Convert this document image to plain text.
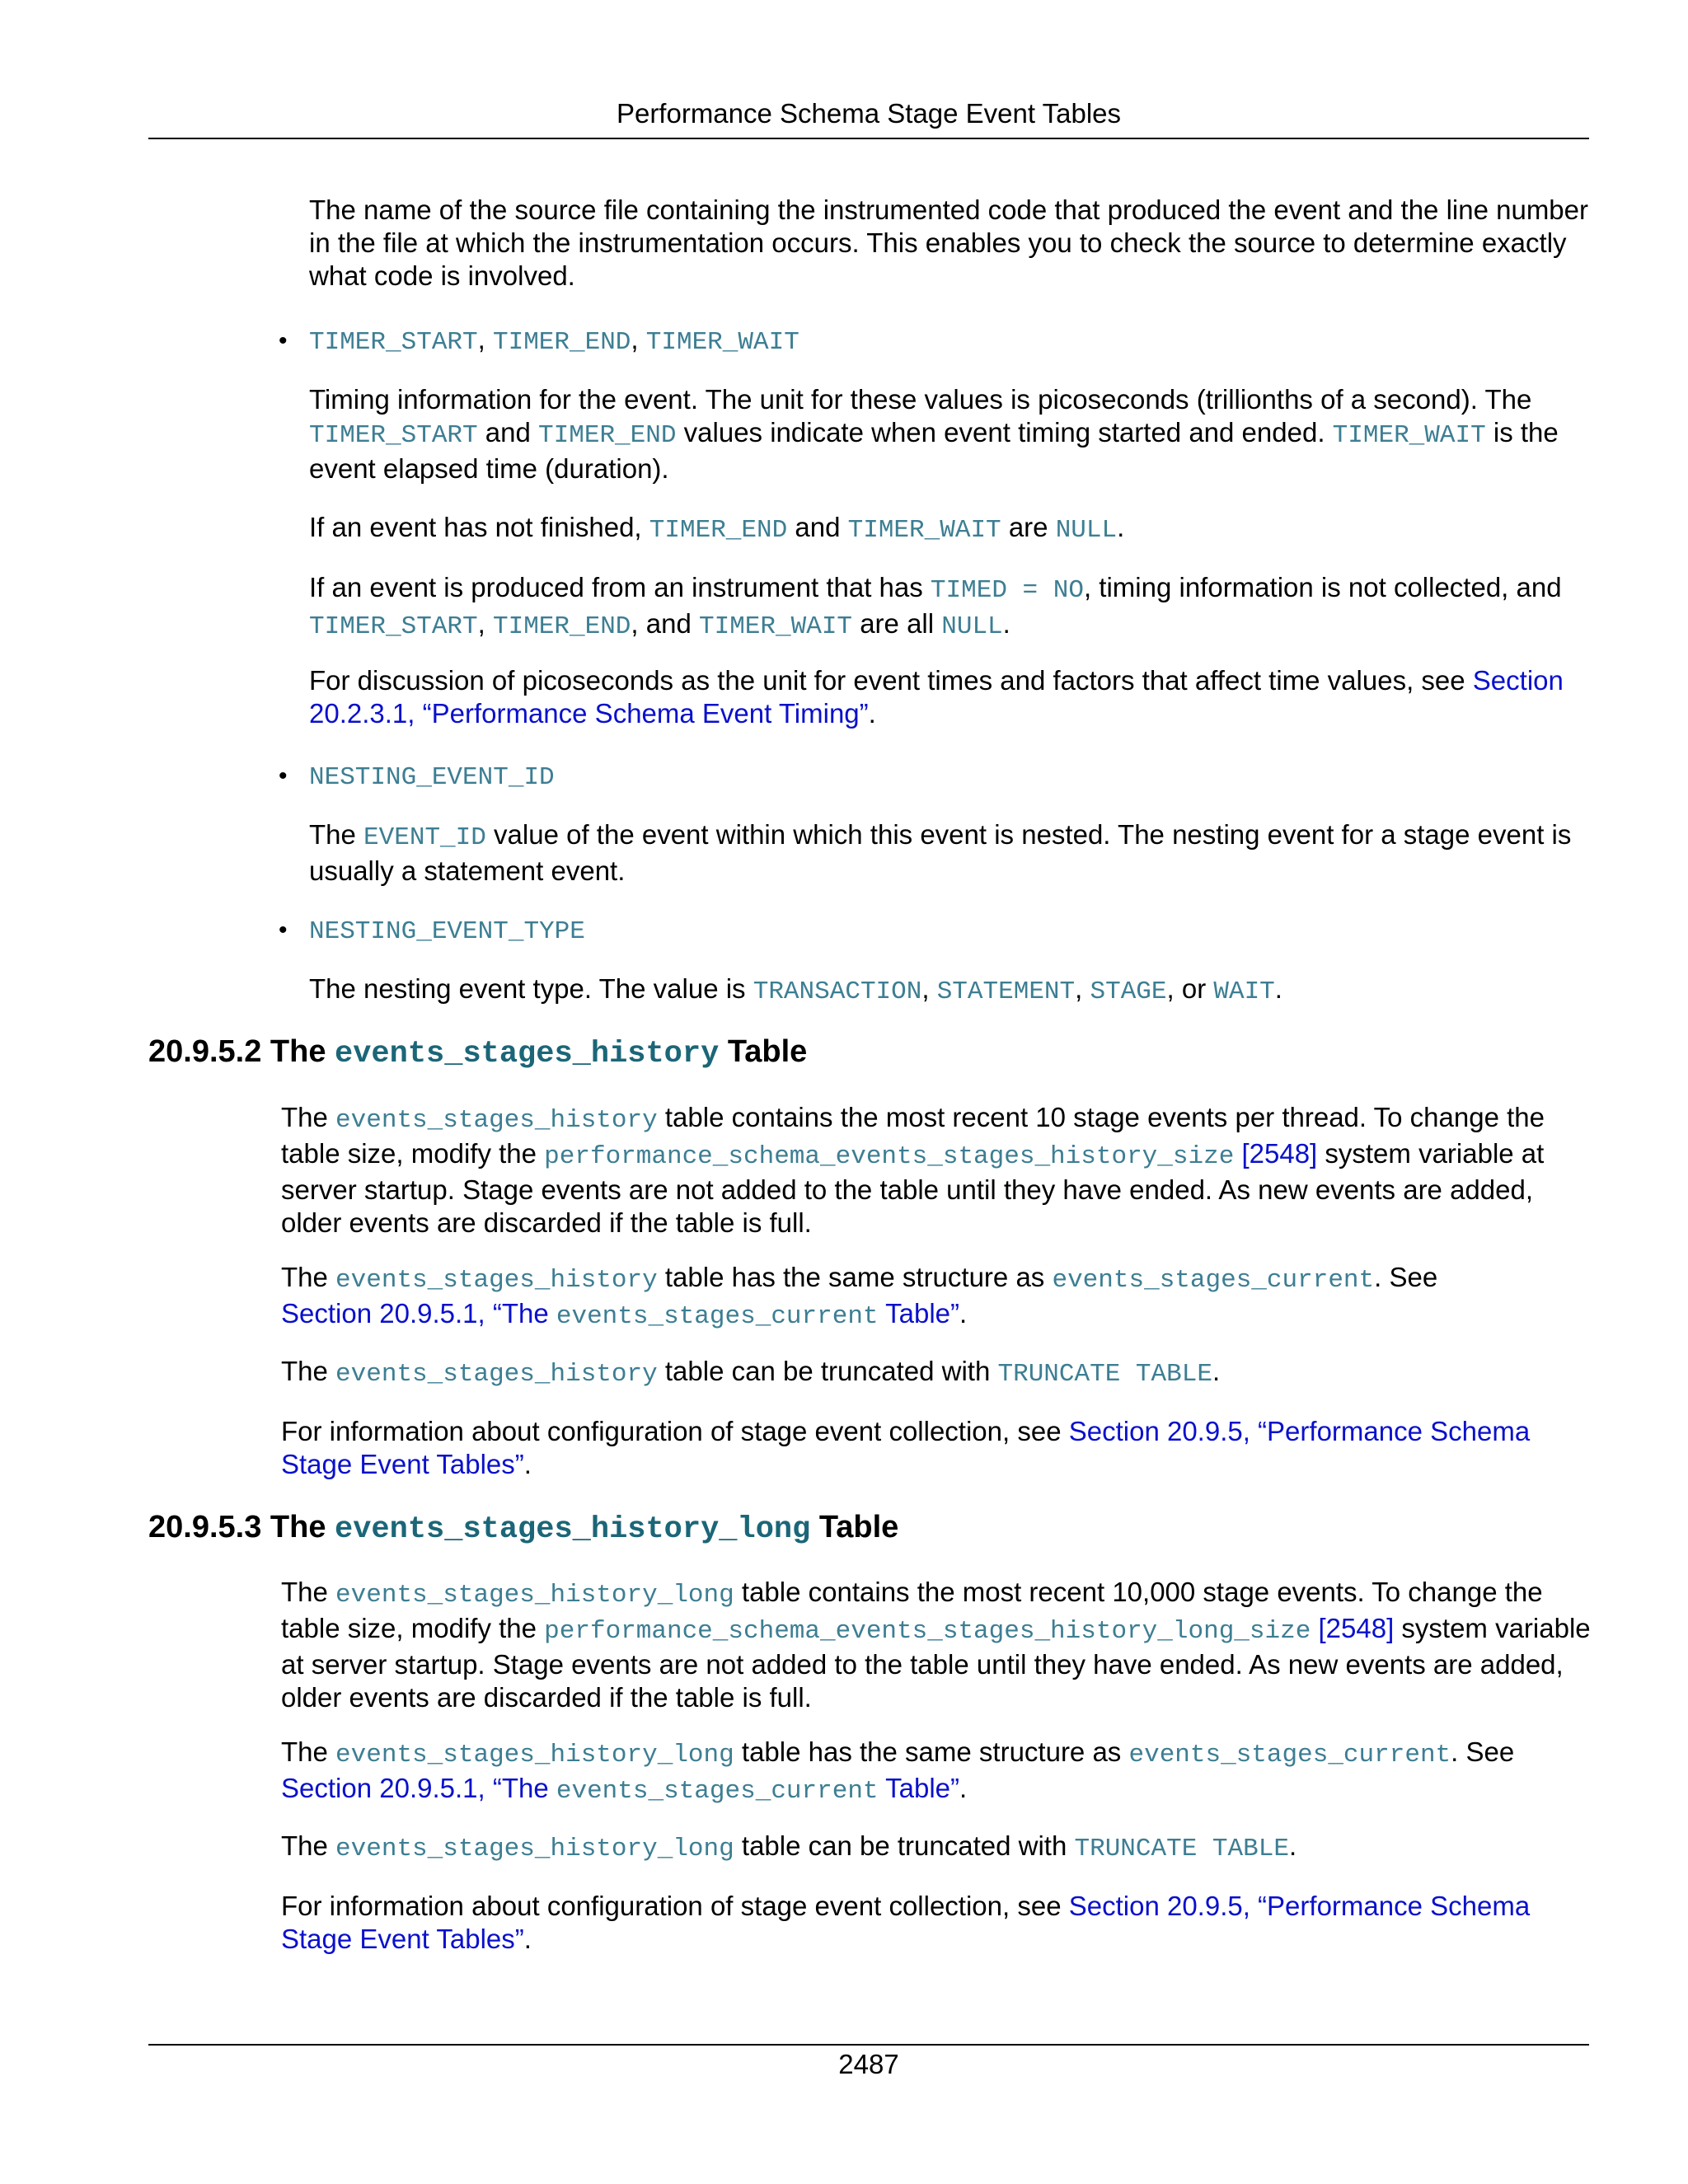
Performance Schema Stage Event Tables

The name of the source file containing the instrumented code that produced the event and the line number in the file at which the instrumentation occurs. This enables you to check the source to determine exactly what code is involved.

• TIMER_START, TIMER_END, TIMER_WAIT

Timing information for the event. The unit for these values is picoseconds (trillionths of a second). The TIMER_START and TIMER_END values indicate when event timing started and ended. TIMER_WAIT is the event elapsed time (duration).

If an event has not finished, TIMER_END and TIMER_WAIT are NULL.

If an event is produced from an instrument that has TIMED = NO, timing information is not collected, and TIMER_START, TIMER_END, and TIMER_WAIT are all NULL.

For discussion of picoseconds as the unit for event times and factors that affect time values, see Section 20.2.3.1, “Performance Schema Event Timing”.

• NESTING_EVENT_ID

The EVENT_ID value of the event within which this event is nested. The nesting event for a stage event is usually a statement event.

• NESTING_EVENT_TYPE

The nesting event type. The value is TRANSACTION, STATEMENT, STAGE, or WAIT.

20.9.5.2 The events_stages_history Table

The events_stages_history table contains the most recent 10 stage events per thread. To change the table size, modify the performance_schema_events_stages_history_size [2548] system variable at server startup. Stage events are not added to the table until they have ended. As new events are added, older events are discarded if the table is full.

The events_stages_history table has the same structure as events_stages_current. See
Section 20.9.5.1, “The events_stages_current Table”.

The events_stages_history table can be truncated with TRUNCATE TABLE.

For information about configuration of stage event collection, see Section 20.9.5, “Performance Schema Stage Event Tables”.

20.9.5.3 The events_stages_history_long Table

The events_stages_history_long table contains the most recent 10,000 stage events. To change the table size, modify the performance_schema_events_stages_history_long_size [2548] system variable at server startup. Stage events are not added to the table until they have ended. As new events are added, older events are discarded if the table is full.

The events_stages_history_long table has the same structure as events_stages_current. See
Section 20.9.5.1, “The events_stages_current Table”.

The events_stages_history_long table can be truncated with TRUNCATE TABLE.

For information about configuration of stage event collection, see Section 20.9.5, “Performance Schema Stage Event Tables”.

2487
